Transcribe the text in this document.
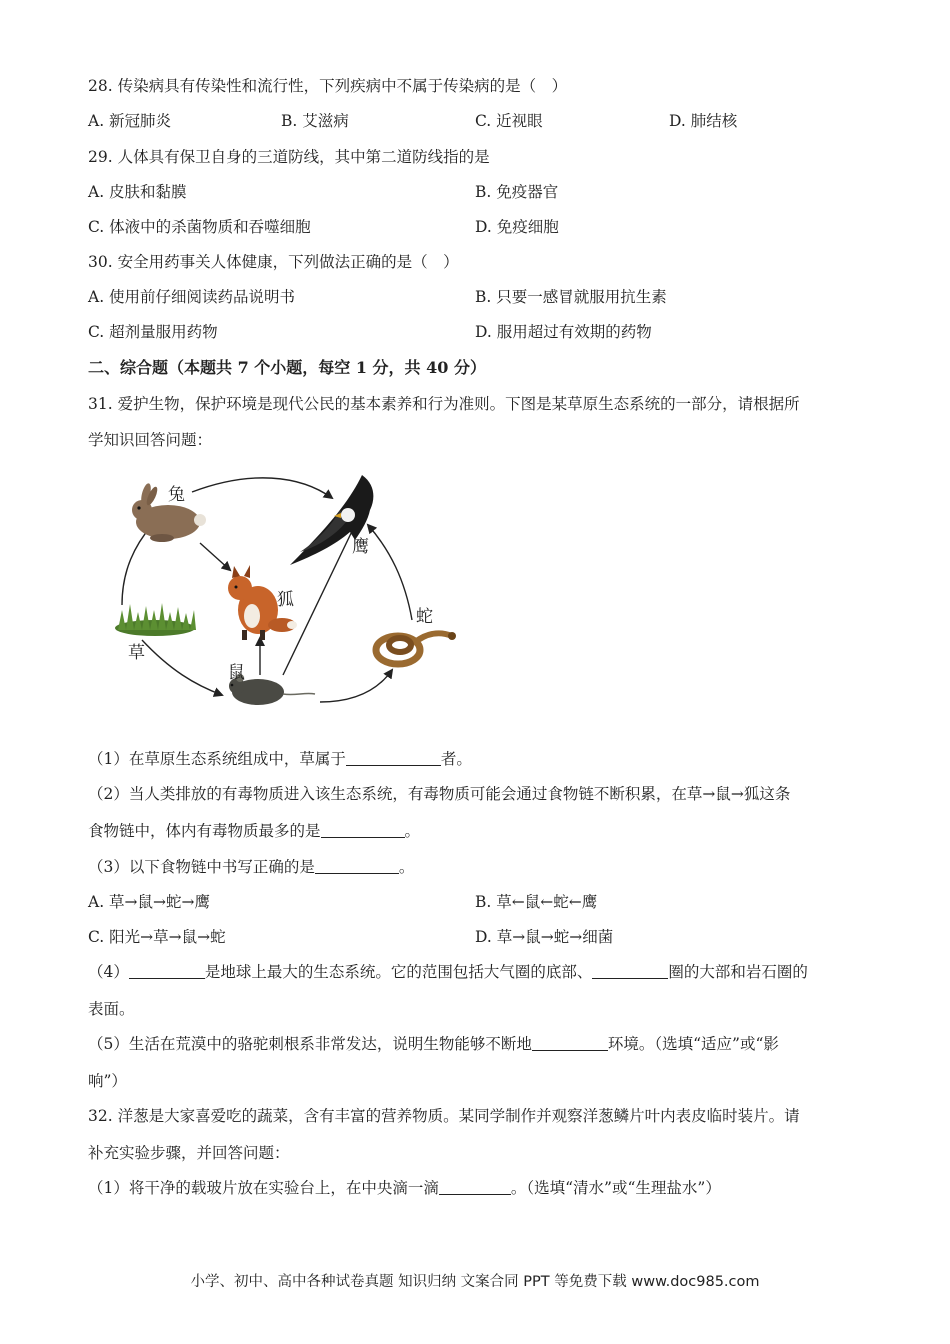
28. 传染病具有传染性和流行性，下列疾病中不属于传染病的是（　）
A. 新冠肺炎	B. 艾滋病	C. 近视眼	D. 肺结核
29. 人体具有保卫自身的三道防线，其中第二道防线指的是
A. 皮肤和黏膜	B. 免疫器官
C. 体液中的杀菌物质和吞噬细胞	D. 免疫细胞
30. 安全用药事关人体健康，下列做法正确的是（　）
A. 使用前仔细阅读药品说明书	B. 只要一感冒就服用抗生素
C. 超剂量服用药物	D. 服用超过有效期的药物
二、综合题（本题共 7 个小题，每空 1 分，共 40 分）
31. 爱护生物，保护环境是现代公民的基本素养和行为准则。下图是某草原生态系统的一部分，请根据所
学知识回答问题：
兔
鹰
狐
蛇
草
鼠
（1）在草原生态系统组成中，草属于	者。
（2）当人类排放的有毒物质进入该生态系统，有毒物质可能会通过食物链不断积累，在草→鼠→狐这条
食物链中，体内有毒物质最多的是	。
（3）以下食物链中书写正确的是	。
A. 草→鼠→蛇→鹰	B. 草←鼠←蛇←鹰
C. 阳光→草→鼠→蛇	D. 草→鼠→蛇→细菌
（4）	是地球上最大的生态系统。它的范围包括大气圈的底部、	圈的大部和岩石圈的
表面。
（5）生活在荒漠中的骆驼刺根系非常发达，说明生物能够不断地	环境。（选填“适应”或“影
响”）
32. 洋葱是大家喜爱吃的蔬菜，含有丰富的营养物质。某同学制作并观察洋葱鳞片叶内表皮临时装片。请
补充实验步骤，并回答问题：
（1）将干净的载玻片放在实验台上，在中央滴一滴	。（选填“清水”或“生理盐水”）
小学、初中、高中各种试卷真题 知识归纳 文案合同 PPT 等免费下载 www.doc985.com
